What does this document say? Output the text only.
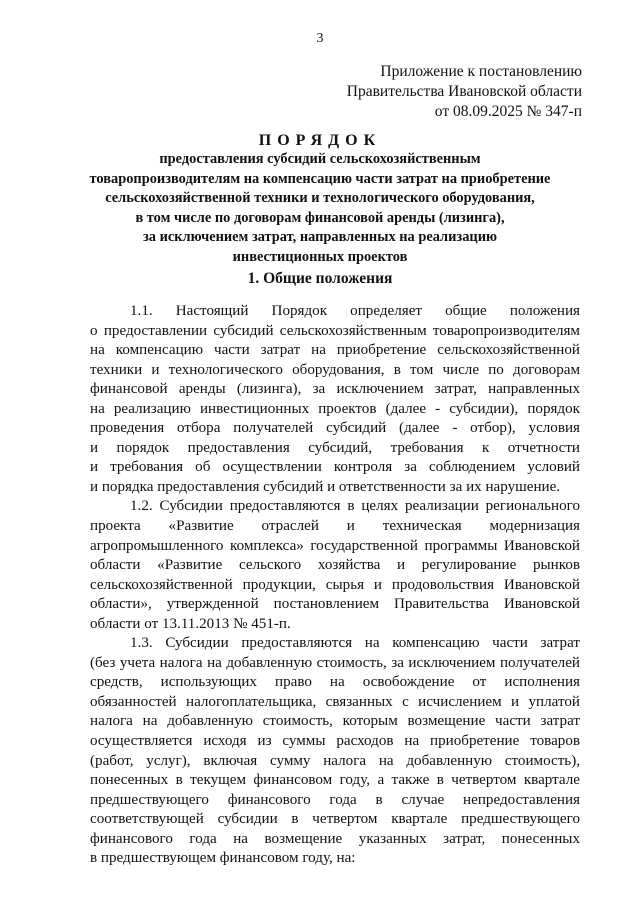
3
Приложение к постановлению
Правительства Ивановской области
от 08.09.2025 № 347-п
ПОРЯДОК
предоставления субсидий сельскохозяйственным
товаропроизводителям на компенсацию части затрат на приобретение
сельскохозяйственной техники и технологического оборудования,
в том числе по договорам финансовой аренды (лизинга),
за исключением затрат, направленных на реализацию
инвестиционных проектов
1. Общие положения
1.1. Настоящий Порядок определяет общие положения
о предоставлении субсидий сельскохозяйственным товаропроизводителям
на компенсацию части затрат на приобретение сельскохозяйственной
техники и технологического оборудования, в том числе по договорам
финансовой аренды (лизинга), за исключением затрат, направленных
на реализацию инвестиционных проектов (далее - субсидии), порядок
проведения отбора получателей субсидий (далее - отбор), условия
и порядок предоставления субсидий, требования к отчетности
и требования об осуществлении контроля за соблюдением условий
и порядка предоставления субсидий и ответственности за их нарушение.
1.2. Субсидии предоставляются в целях реализации регионального
проекта «Развитие отраслей и техническая модернизация
агропромышленного комплекса» государственной программы Ивановской
области «Развитие сельского хозяйства и регулирование рынков
сельскохозяйственной продукции, сырья и продовольствия Ивановской
области», утвержденной постановлением Правительства Ивановской
области от 13.11.2013 № 451-п.
1.3. Субсидии предоставляются на компенсацию части затрат
(без учета налога на добавленную стоимость, за исключением получателей
средств, использующих право на освобождение от исполнения
обязанностей налогоплательщика, связанных с исчислением и уплатой
налога на добавленную стоимость, которым возмещение части затрат
осуществляется исходя из суммы расходов на приобретение товаров
(работ, услуг), включая сумму налога на добавленную стоимость),
понесенных в текущем финансовом году, а также в четвертом квартале
предшествующего финансового года в случае непредоставления
соответствующей субсидии в четвертом квартале предшествующего
финансового года на возмещение указанных затрат, понесенных
в предшествующем финансовом году, на:
